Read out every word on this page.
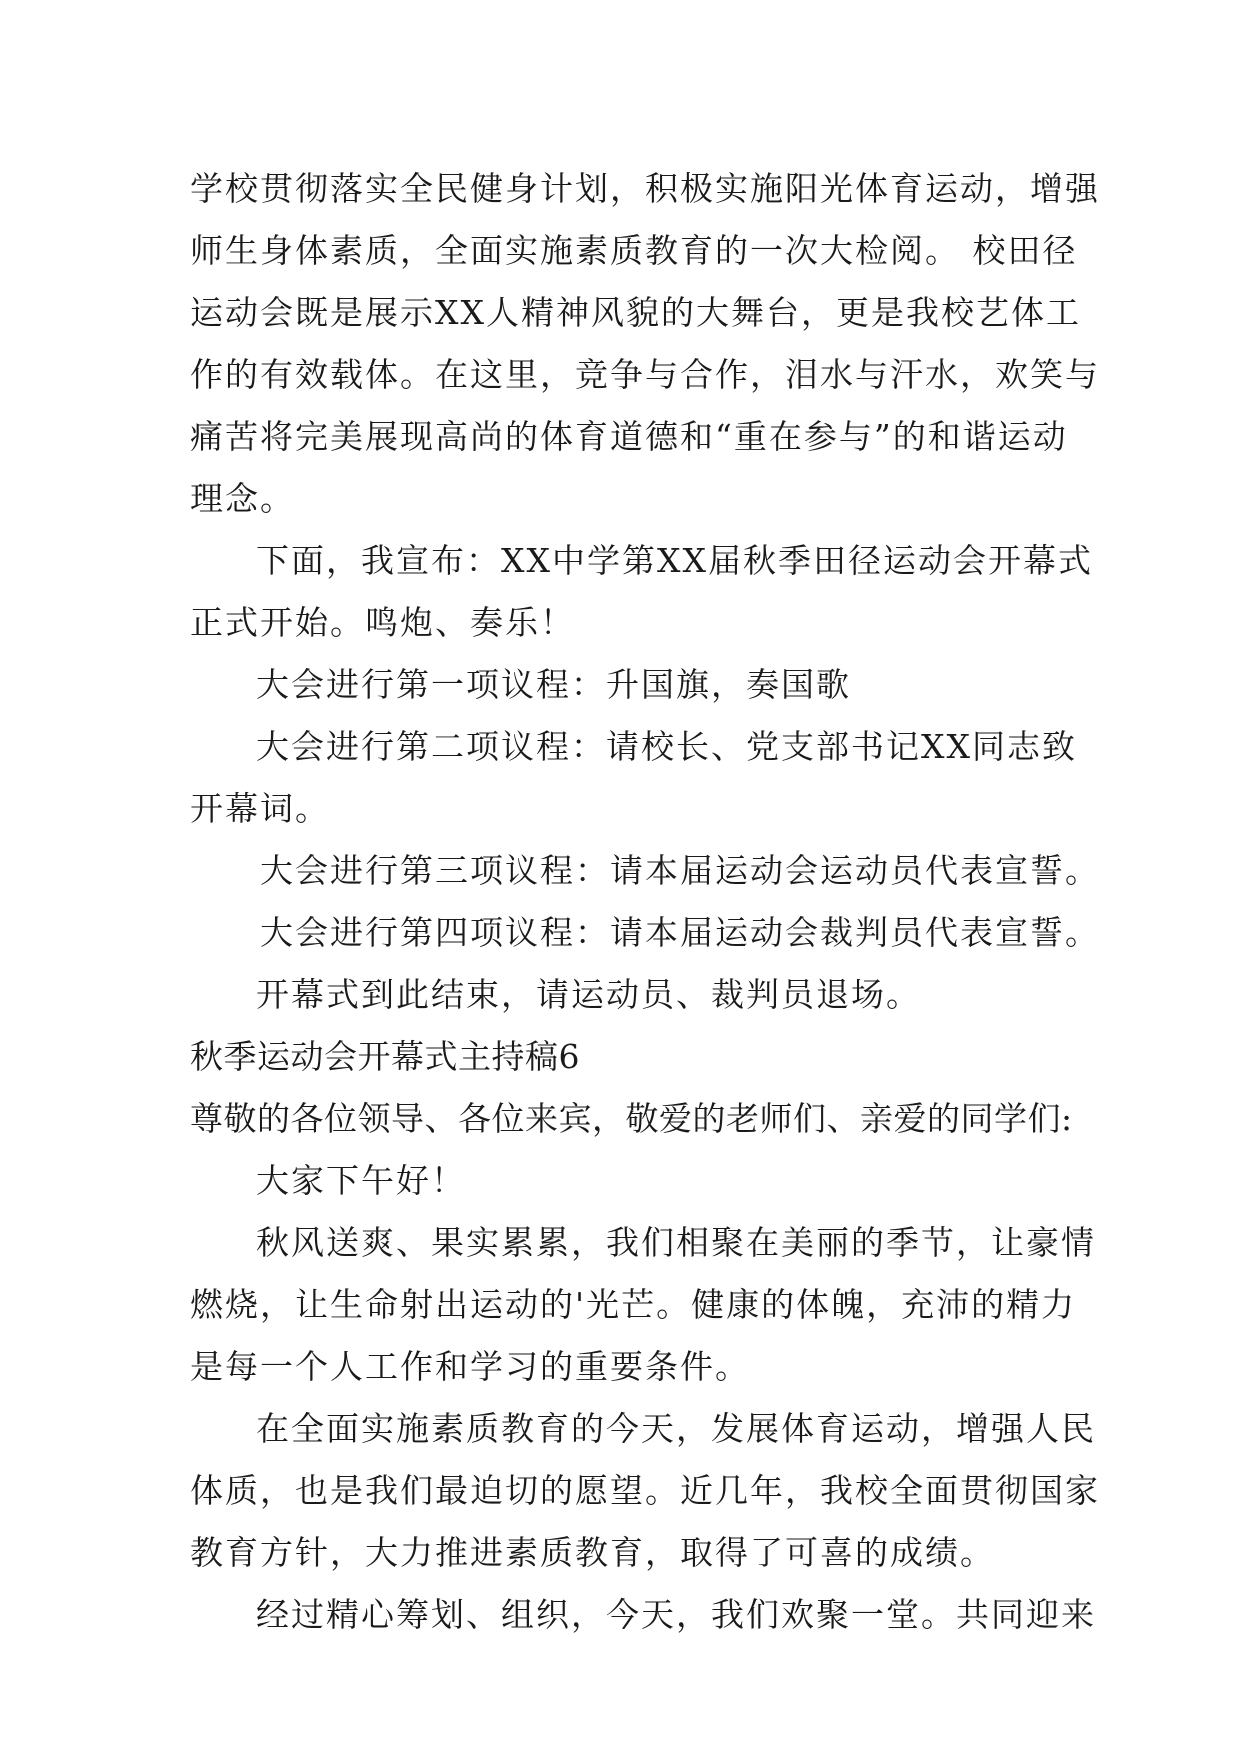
学校贯彻落实全民健身计划，积极实施阳光体育运动，增强
师生身体素质，全面实施素质教育的一次大检阅。 校田径
运动会既是展示XX人精神风貌的大舞台，更是我校艺体工
作的有效载体。在这里，竞争与合作，泪水与汗水，欢笑与
痛苦将完美展现高尚的体育道德和“重在参与”的和谐运动
理念。
下面，我宣布：XX中学第XX届秋季田径运动会开幕式
正式开始。鸣炮、奏乐！
大会进行第一项议程：升国旗，奏国歌
大会进行第二项议程：请校长、党支部书记XX同志致
开幕词。
大会进行第三项议程：请本届运动会运动员代表宣誓。
大会进行第四项议程：请本届运动会裁判员代表宣誓。
开幕式到此结束，请运动员、裁判员退场。
秋季运动会开幕式主持稿6
尊敬的各位领导、各位来宾，敬爱的老师们、亲爱的同学们:
大家下午好！
秋风送爽、果实累累，我们相聚在美丽的季节，让豪情
燃烧，让生命射出运动的'光芒。健康的体魄，充沛的精力
是每一个人工作和学习的重要条件。
在全面实施素质教育的今天，发展体育运动，增强人民
体质，也是我们最迫切的愿望。近几年，我校全面贯彻国家
教育方针，大力推进素质教育，取得了可喜的成绩。
经过精心筹划、组织，今天，我们欢聚一堂。共同迎来
